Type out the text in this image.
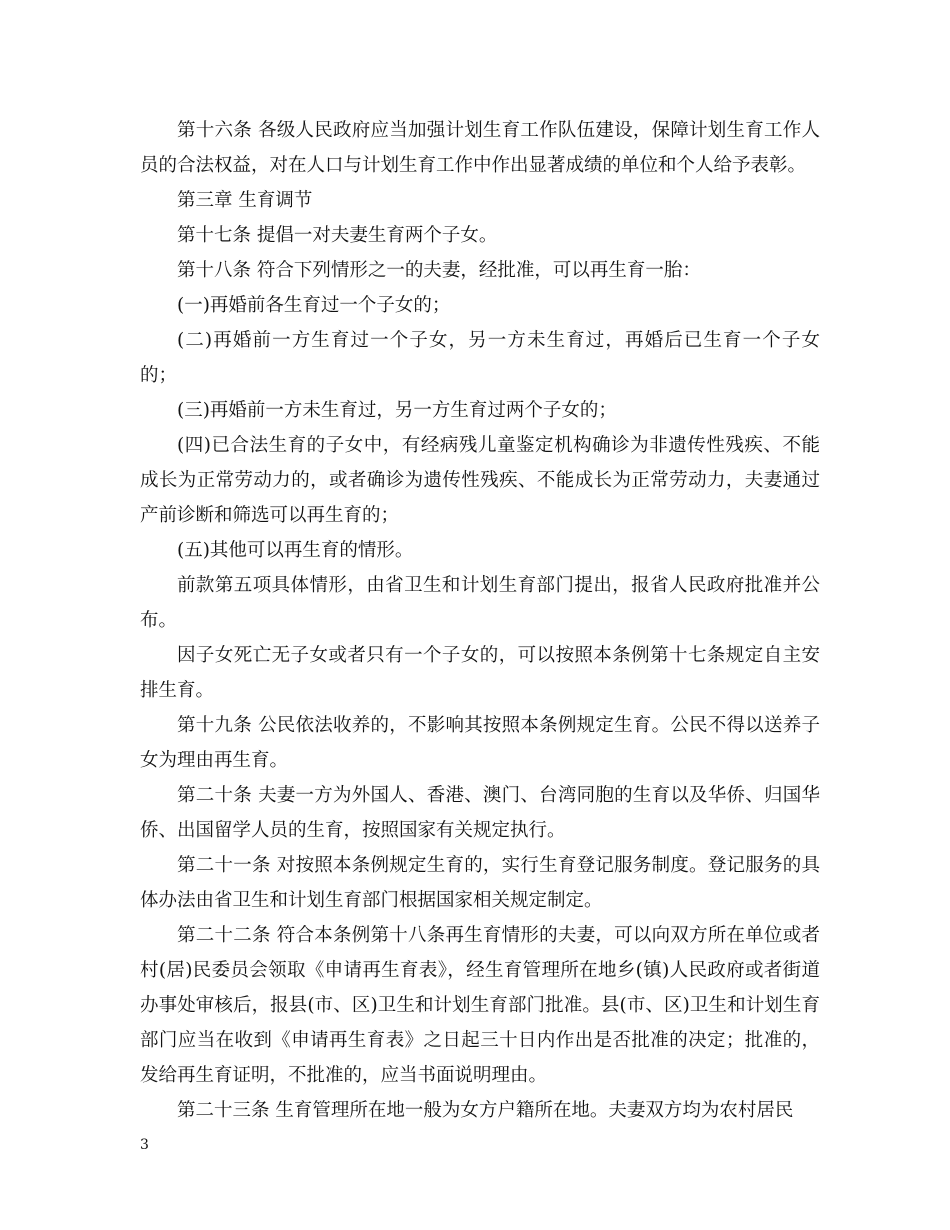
第十六条 各级人民政府应当加强计划生育工作队伍建设，保障计划生育工作人员的合法权益，对在人口与计划生育工作中作出显著成绩的单位和个人给予表彰。

第三章 生育调节

第十七条 提倡一对夫妻生育两个子女。

第十八条 符合下列情形之一的夫妻，经批准，可以再生育一胎：

(一)再婚前各生育过一个子女的；

(二)再婚前一方生育过一个子女，另一方未生育过，再婚后已生育一个子女的；

(三)再婚前一方未生育过，另一方生育过两个子女的；

(四)已合法生育的子女中，有经病残儿童鉴定机构确诊为非遗传性残疾、不能成长为正常劳动力的，或者确诊为遗传性残疾、不能成长为正常劳动力，夫妻通过产前诊断和筛选可以再生育的；

(五)其他可以再生育的情形。

前款第五项具体情形，由省卫生和计划生育部门提出，报省人民政府批准并公布。

因子女死亡无子女或者只有一个子女的，可以按照本条例第十七条规定自主安排生育。

第十九条 公民依法收养的，不影响其按照本条例规定生育。公民不得以送养子女为理由再生育。

第二十条 夫妻一方为外国人、香港、澳门、台湾同胞的生育以及华侨、归国华侨、出国留学人员的生育，按照国家有关规定执行。

第二十一条 对按照本条例规定生育的，实行生育登记服务制度。登记服务的具体办法由省卫生和计划生育部门根据国家相关规定制定。

第二十二条 符合本条例第十八条再生育情形的夫妻，可以向双方所在单位或者村(居)民委员会领取《申请再生育表》，经生育管理所在地乡(镇)人民政府或者街道办事处审核后，报县(市、区)卫生和计划生育部门批准。县(市、区)卫生和计划生育部门应当在收到《申请再生育表》之日起三十日内作出是否批准的决定；批准的，发给再生育证明，不批准的，应当书面说明理由。

第二十三条 生育管理所在地一般为女方户籍所在地。夫妻双方均为农村居民

3
